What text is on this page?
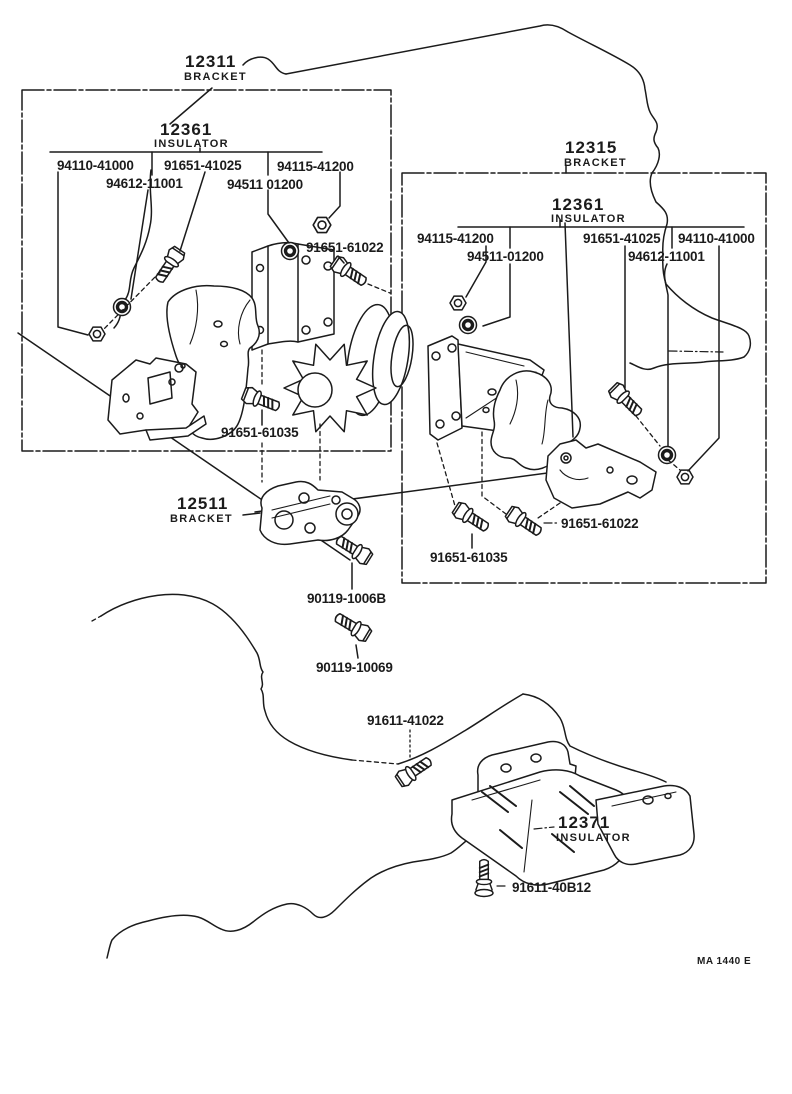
12311
BRACKET
12361
INSULATOR
94110-41000
94612-11001
91651-41025
94511 01200
94115-41200
91651-61022
91651-61035
12315
BRACKET
12361
INSULATOR
94115-41200
94511-01200
91651-41025
94612-11001
94110-41000
91651-61022
91651-61035
12511
BRACKET
90119-1006B
90119-10069
91611-41022
12371
INSULATOR
91611-40B12
MA 1440 E
